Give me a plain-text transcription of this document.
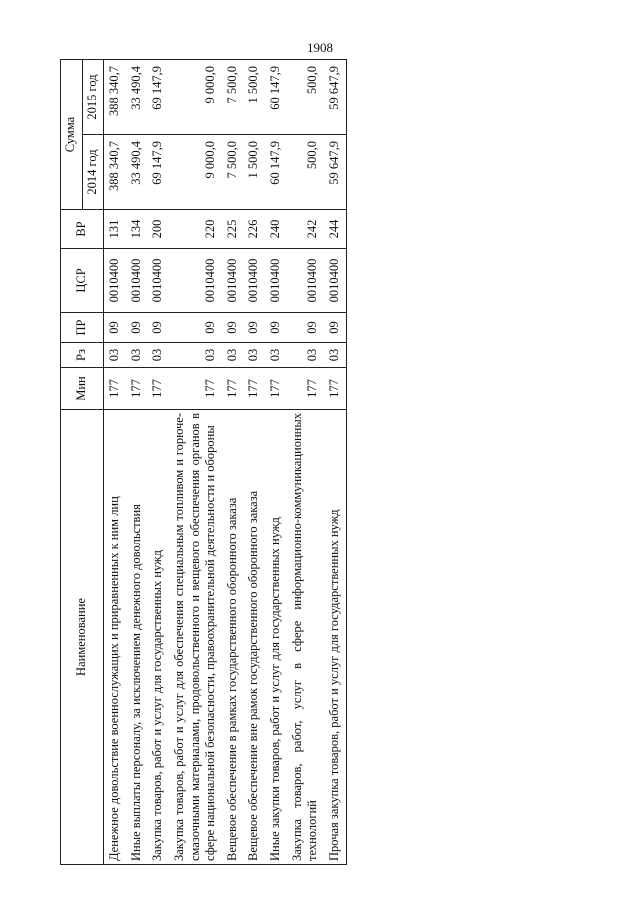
1908
Наименование	Мин	Рз	ПР	ЦСР	ВР	Сумма	
						2014 год	2015 год
Денежное довольствие военнослужащих и приравненных к ним лиц	177	03	09	0010400	131	388 340,7	388 340,7
Иные выплаты персоналу, за исключением денежного довольствия	177	03	09	0010400	134	33 490,4	33 490,4
Закупка товаров, работ и услуг для государственных нужд	177	03	09	0010400	200	69 147,9	69 147,9
Закупка товаров, работ и услуг для обеспечения специальным топливом и горюче-смазочными материалами, продовольственного и вещевого обеспечения органов в сфере национальной безопасности, правоохранительной деятельности и обороны	177	03	09	0010400	220	9 000,0	9 000,0
Вещевое обеспечение в рамках государственного оборонного заказа	177	03	09	0010400	225	7 500,0	7 500,0
Вещевое обеспечение вне рамок государственного оборонного заказа	177	03	09	0010400	226	1 500,0	1 500,0
Иные закупки товаров, работ и услуг для государственных нужд	177	03	09	0010400	240	60 147,9	60 147,9
Закупка товаров, работ, услуг в сфере информационно-коммуникационных технологий	177	03	09	0010400	242	500,0	500,0
Прочая закупка товаров, работ и услуг для государственных нужд	177	03	09	0010400	244	59 647,9	59 647,9
